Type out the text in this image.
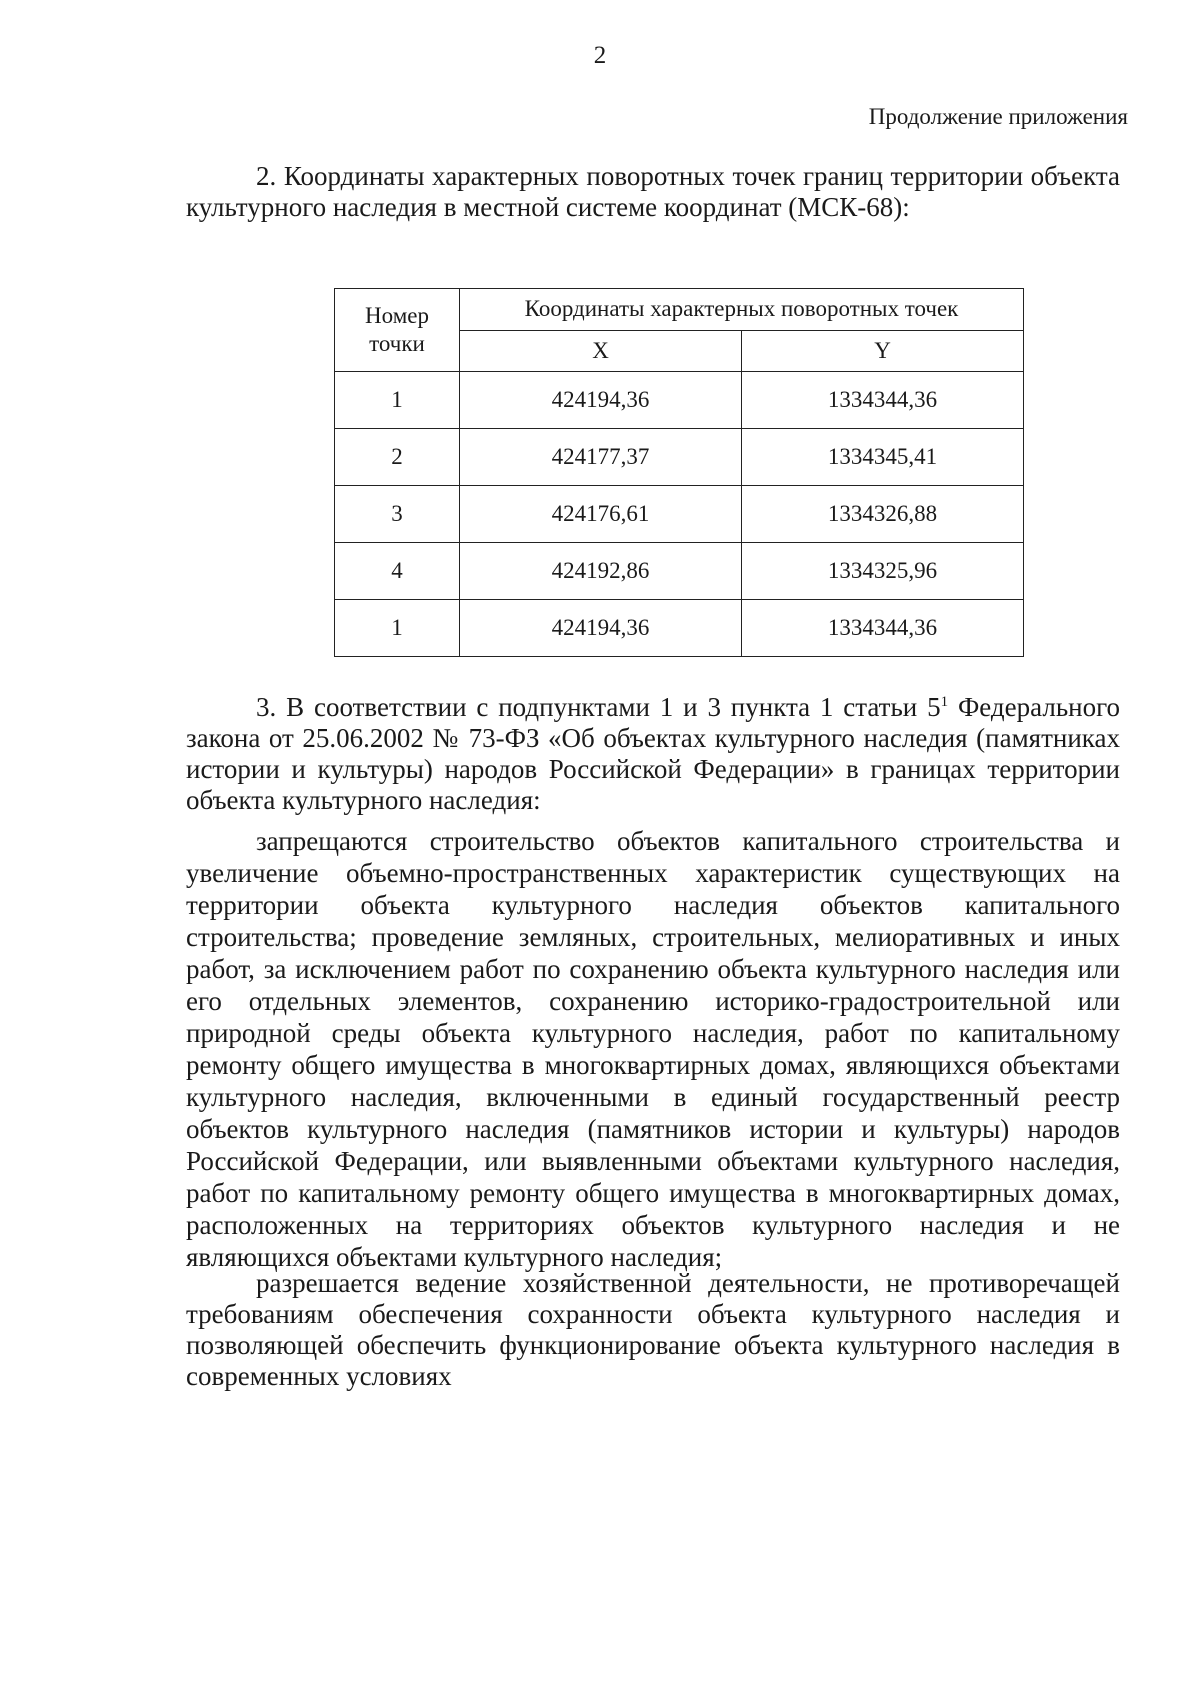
2
Продолжение приложения

2. Координаты характерных поворотных точек границ территории объекта культурного наследия в местной системе координат (МСК-68):

Номер точки	Координаты характерных поворотных точек	
	X	Y
1	424194,36	1334344,36
2	424177,37	1334345,41
3	424176,61	1334326,88
4	424192,86	1334325,96
1	424194,36	1334344,36

3. В соответствии с подпунктами 1 и 3 пункта 1 статьи $5^1$ Федерального закона от 25.06.2002 № 73-ФЗ «Об объектах культурного наследия (памятниках истории и культуры) народов Российской Федерации» в границах территории объекта культурного наследия:

запрещаются строительство объектов капитального строительства и увеличение объемно-пространственных характеристик существующих на территории объекта культурного наследия объектов капитального строительства; проведение земляных, строительных, мелиоративных и иных работ, за исключением работ по сохранению объекта культурного наследия или его отдельных элементов, сохранению историко-градостроительной или природной среды объекта культурного наследия, работ по капитальному ремонту общего имущества в многоквартирных домах, являющихся объектами культурного наследия, включенными в единый государственный реестр объектов культурного наследия (памятников истории и культуры) народов Российской Федерации, или выявленными объектами культурного наследия, работ по капитальному ремонту общего имущества в многоквартирных домах, расположенных на территориях объектов культурного наследия и не являющихся объектами культурного наследия;

разрешается ведение хозяйственной деятельности, не противоречащей требованиям обеспечения сохранности объекта культурного наследия и позволяющей обеспечить функционирование объекта культурного наследия в современных условиях
